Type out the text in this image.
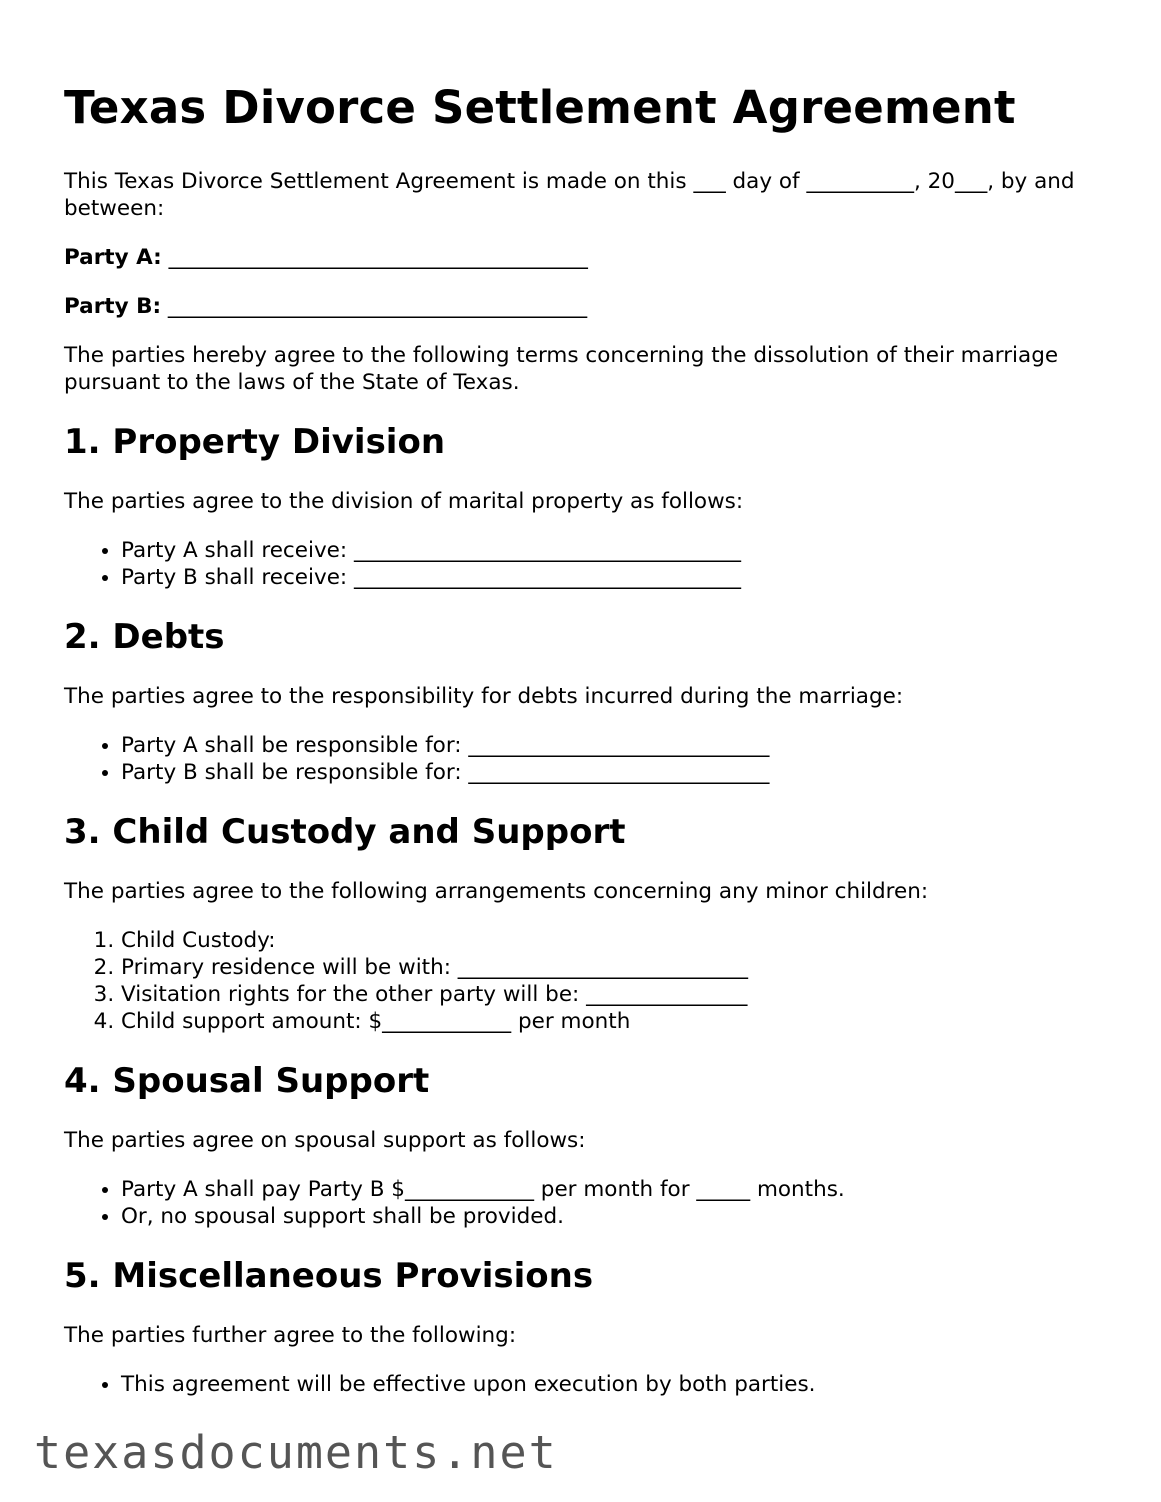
Texas Divorce Settlement Agreement

This Texas Divorce Settlement Agreement is made on this ___ day of __________, 20___, by and between:

Party A: _______________________________________

Party B: _______________________________________

The parties hereby agree to the following terms concerning the dissolution of their marriage pursuant to the laws of the State of Texas.

1. Property Division

The parties agree to the division of marital property as follows:

• Party A shall receive: ____________________________________
• Party B shall receive: ____________________________________
2. Debts

The parties agree to the responsibility for debts incurred during the marriage:

• Party A shall be responsible for: ____________________________
• Party B shall be responsible for: ____________________________
3. Child Custody and Support

The parties agree to the following arrangements concerning any minor children:

1. Child Custody:
2. Primary residence will be with: ___________________________
3. Visitation rights for the other party will be: _______________
4. Child support amount: $____________ per month
4. Spousal Support

The parties agree on spousal support as follows:

• Party A shall pay Party B $____________ per month for _____ months.
• Or, no spousal support shall be provided.
5. Miscellaneous Provisions

The parties further agree to the following:

• This agreement will be effective upon execution by both parties.
texasdocuments.net
